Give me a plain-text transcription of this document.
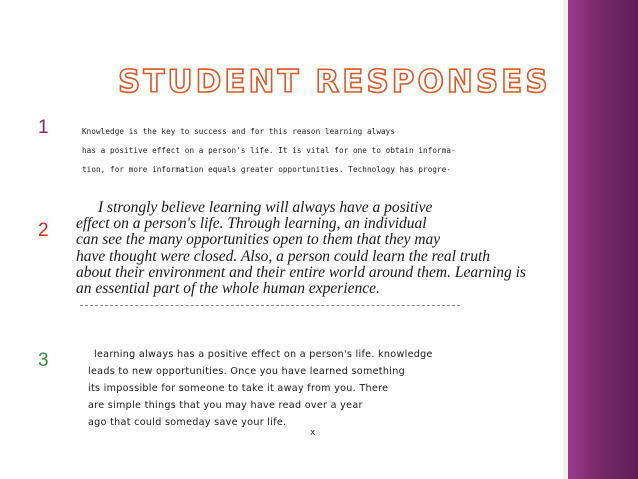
STUDENT RESPONSES
1	Knowledge is the key to success and for this reason learning always
has a positive effect on a person's life. It is vital for one to obtain informa-
tion, for more information equals greater opportunities. Technology has progre-
2
I strongly believe learning will always have a positive
effect on a person's life. Through learning, an individual
can see the many opportunities open to them that they may
have thought were closed. Also, a person could learn the real truth
about their environment and their entire world around them. Learning is
an essential part of the whole human experience.
3	learning always has a positive effect on a person's life. knowledge
leads to new opportunities. Once you have learned something
its impossible for someone to take it away from you. There
are simple things that you may have read over a year
ago that could someday save your life.
x
